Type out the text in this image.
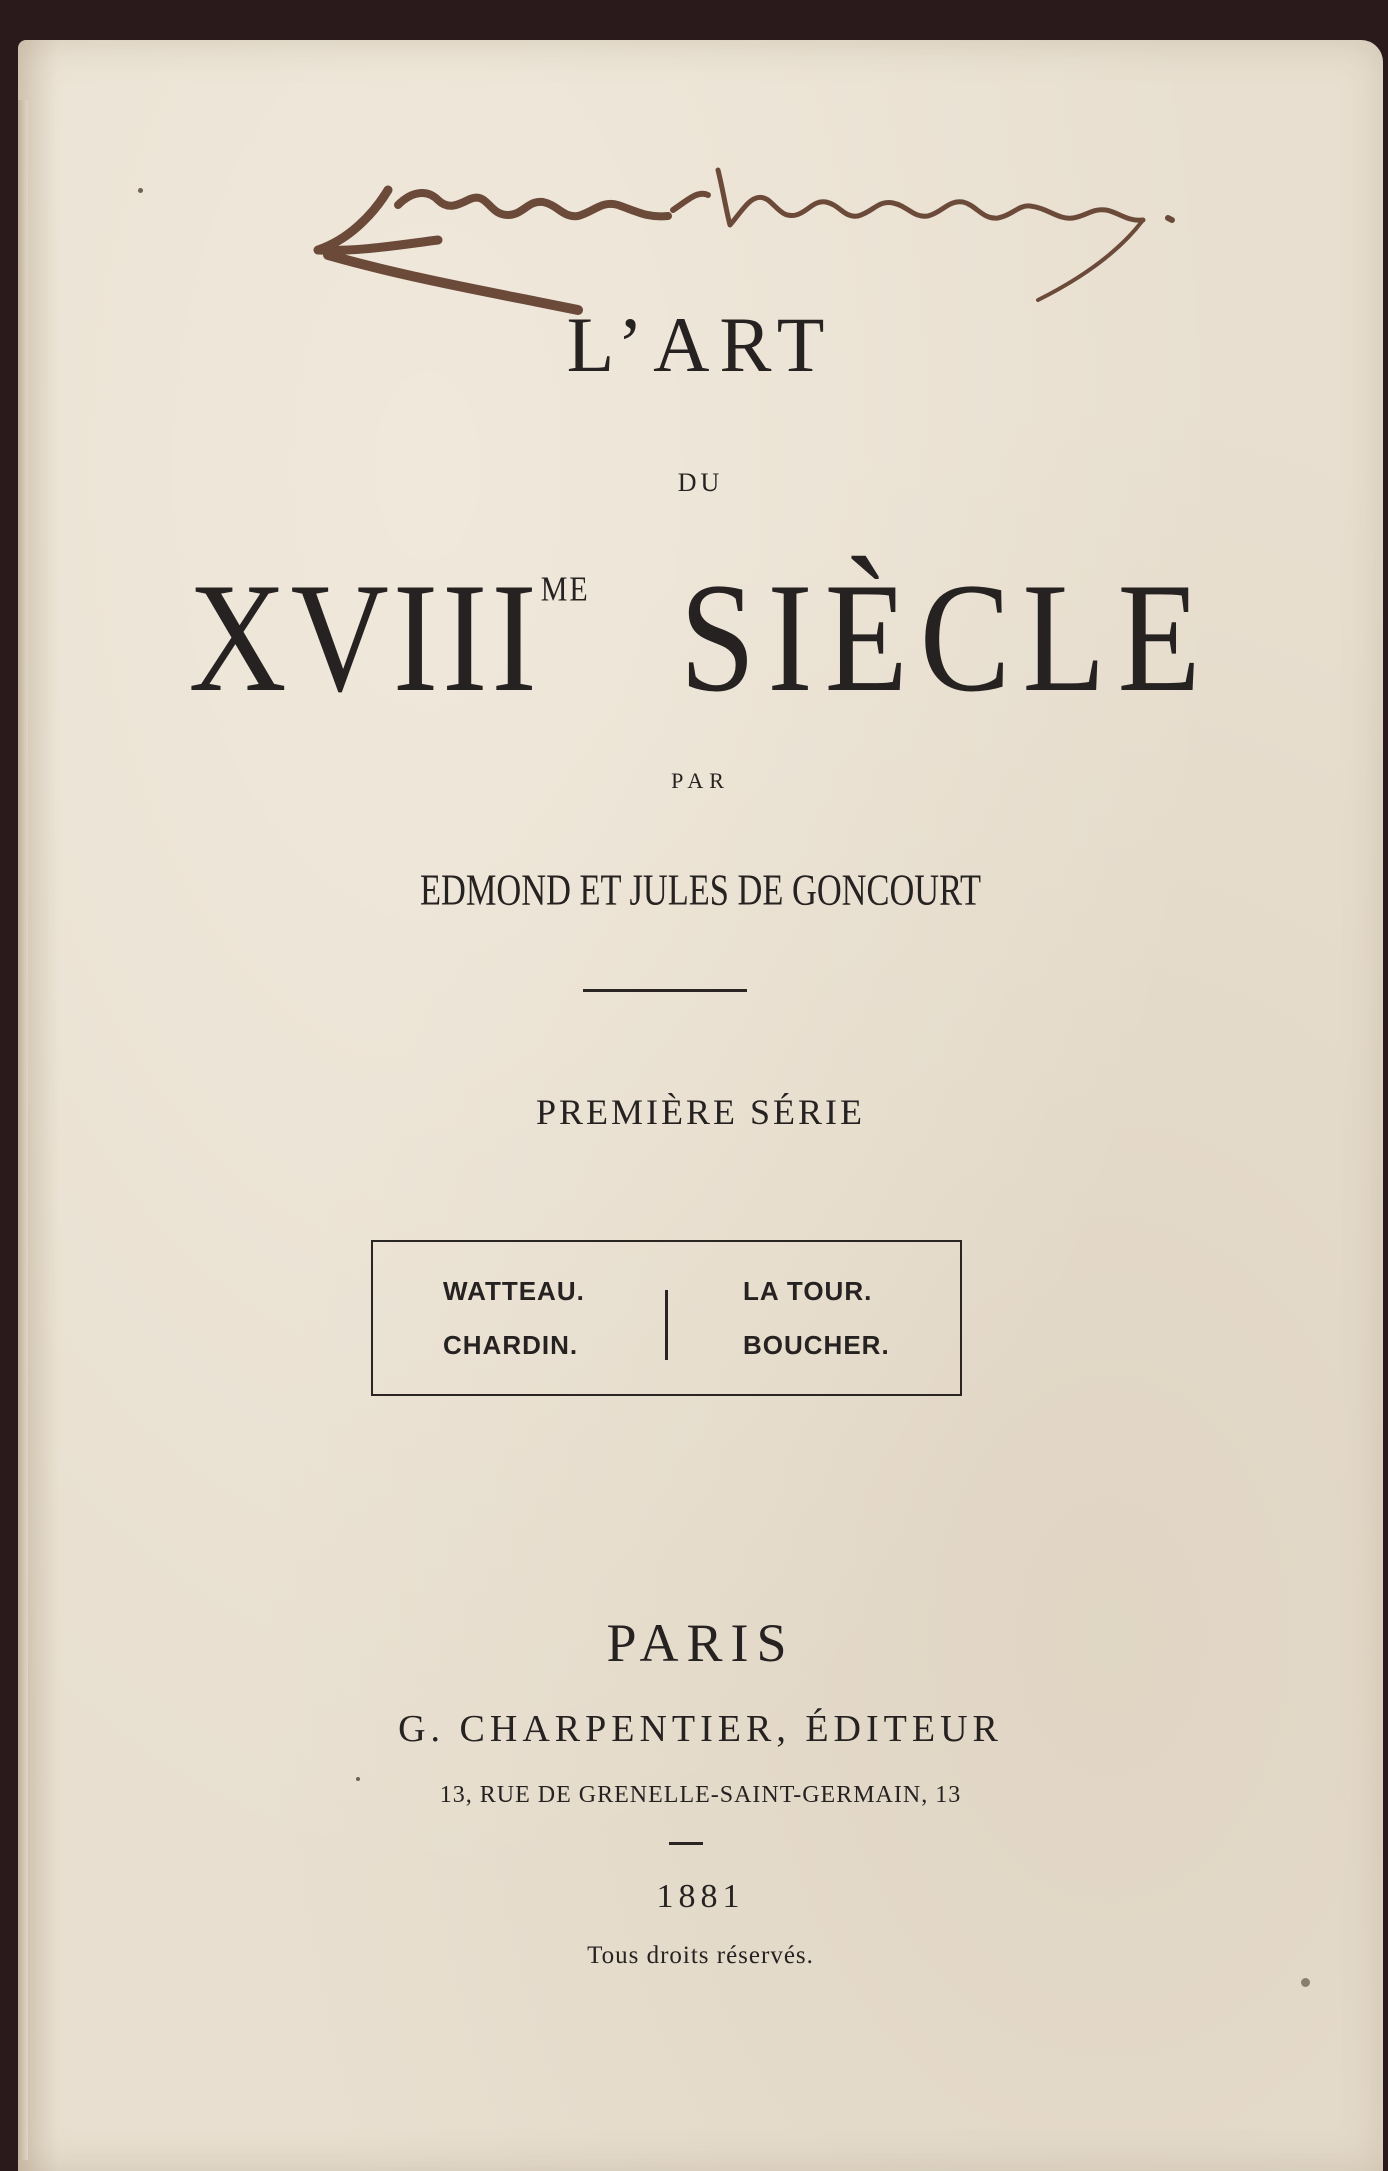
L’ART
DU
$XVIII^{ME}$ SIÈCLE
PAR
EDMOND ET JULES DE GONCOURT
PREMIÈRE SÉRIE
WATTEAU.
CHARDIN.
LA TOUR.
BOUCHER.
PARIS
G. CHARPENTIER, ÉDITEUR
13, RUE DE GRENELLE-SAINT-GERMAIN, 13
1881
Tous droits réservés.
